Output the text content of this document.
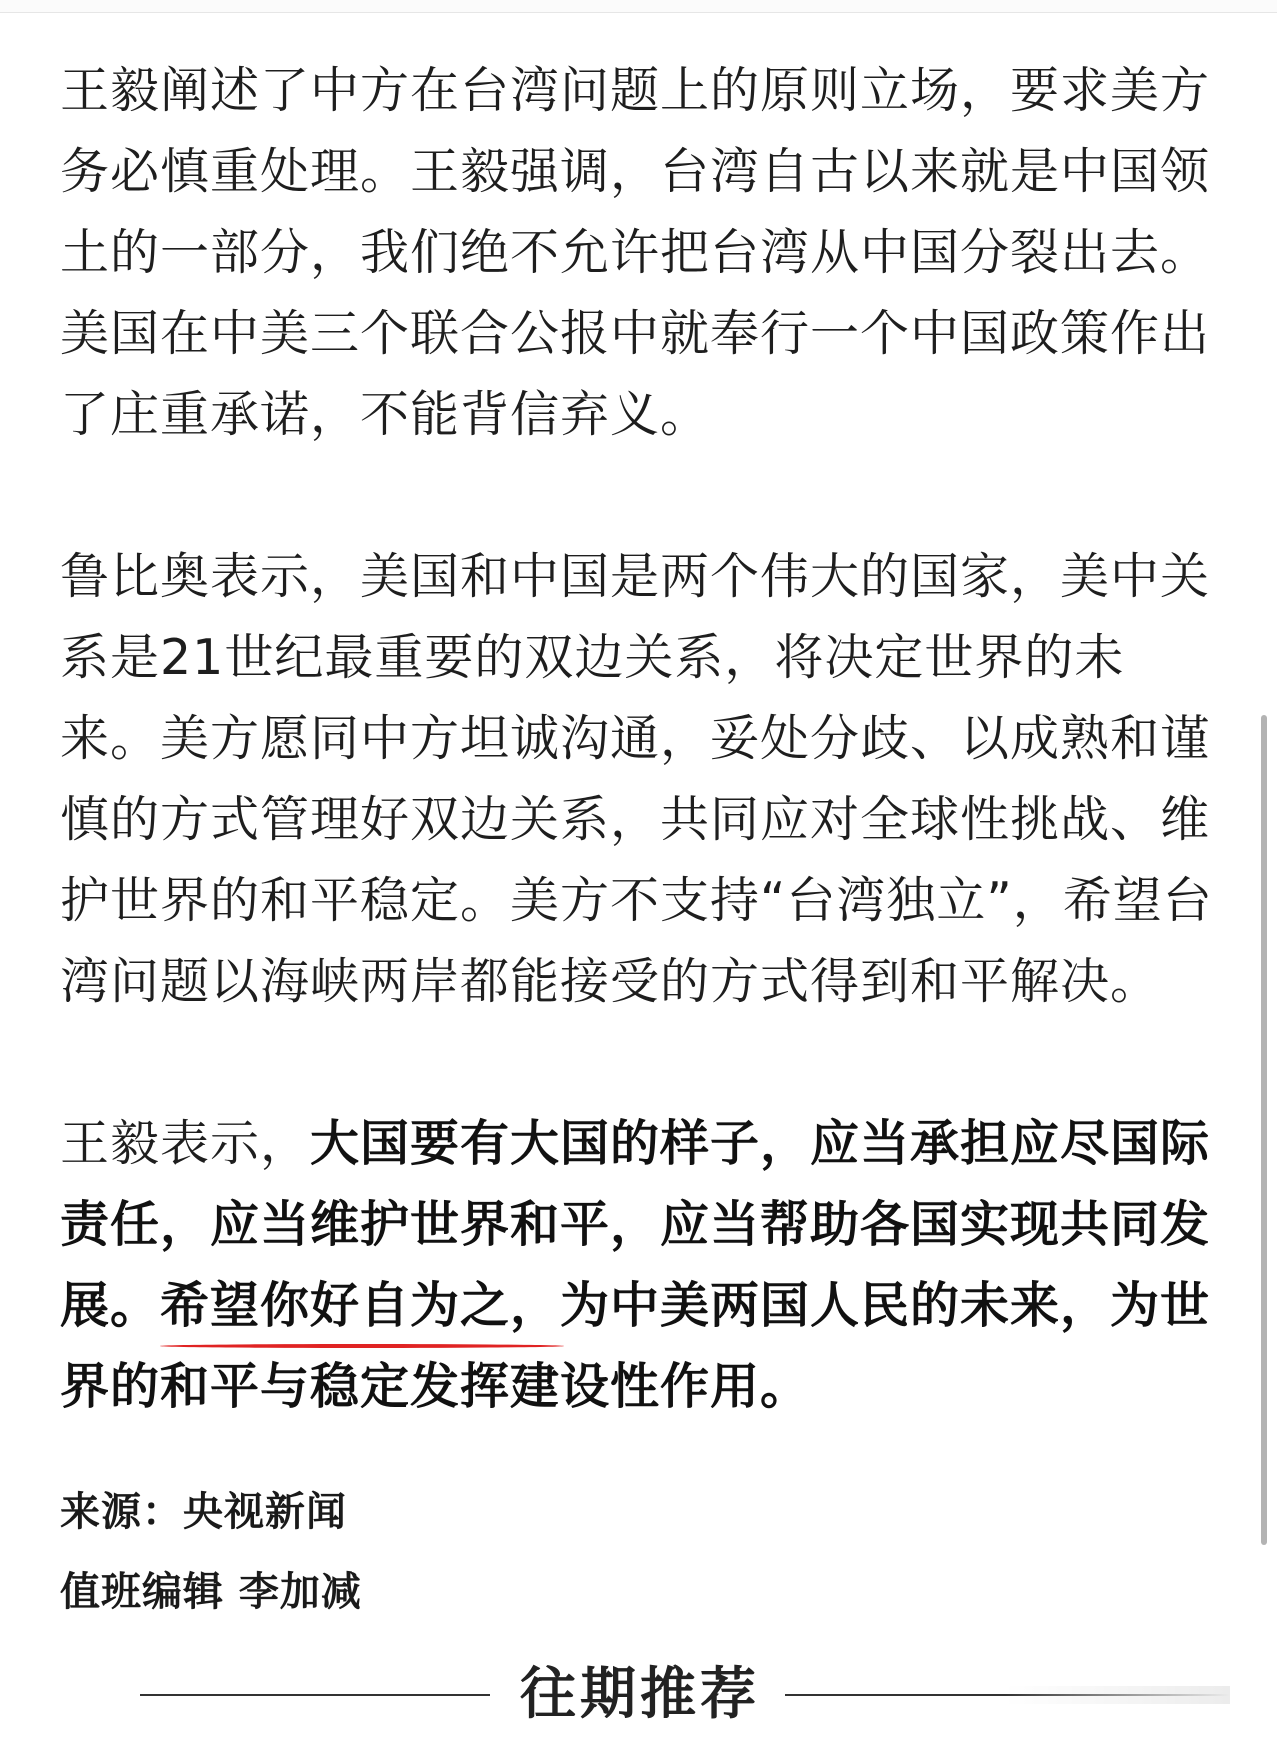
王毅阐述了中方在台湾问题上的原则立场，要求美方务必慎重处理。王毅强调，台湾自古以来就是中国领土的一部分，我们绝不允许把台湾从中国分裂出去。美国在中美三个联合公报中就奉行一个中国政策作出了庄重承诺，不能背信弃义。

鲁比奥表示，美国和中国是两个伟大的国家，美中关系是21世纪最重要的双边关系，将决定世界的未来。美方愿同中方坦诚沟通，妥处分歧、以成熟和谨慎的方式管理好双边关系，共同应对全球性挑战、维护世界的和平稳定。美方不支持“台湾独立”，希望台湾问题以海峡两岸都能接受的方式得到和平解决。

王毅表示，大国要有大国的样子，应当承担应尽国际责任，应当维护世界和平，应当帮助各国实现共同发展。希望你好自为之，为中美两国人民的未来，为世界的和平与稳定发挥建设性作用。

来源：央视新闻
值班编辑 李加减
往期推荐
